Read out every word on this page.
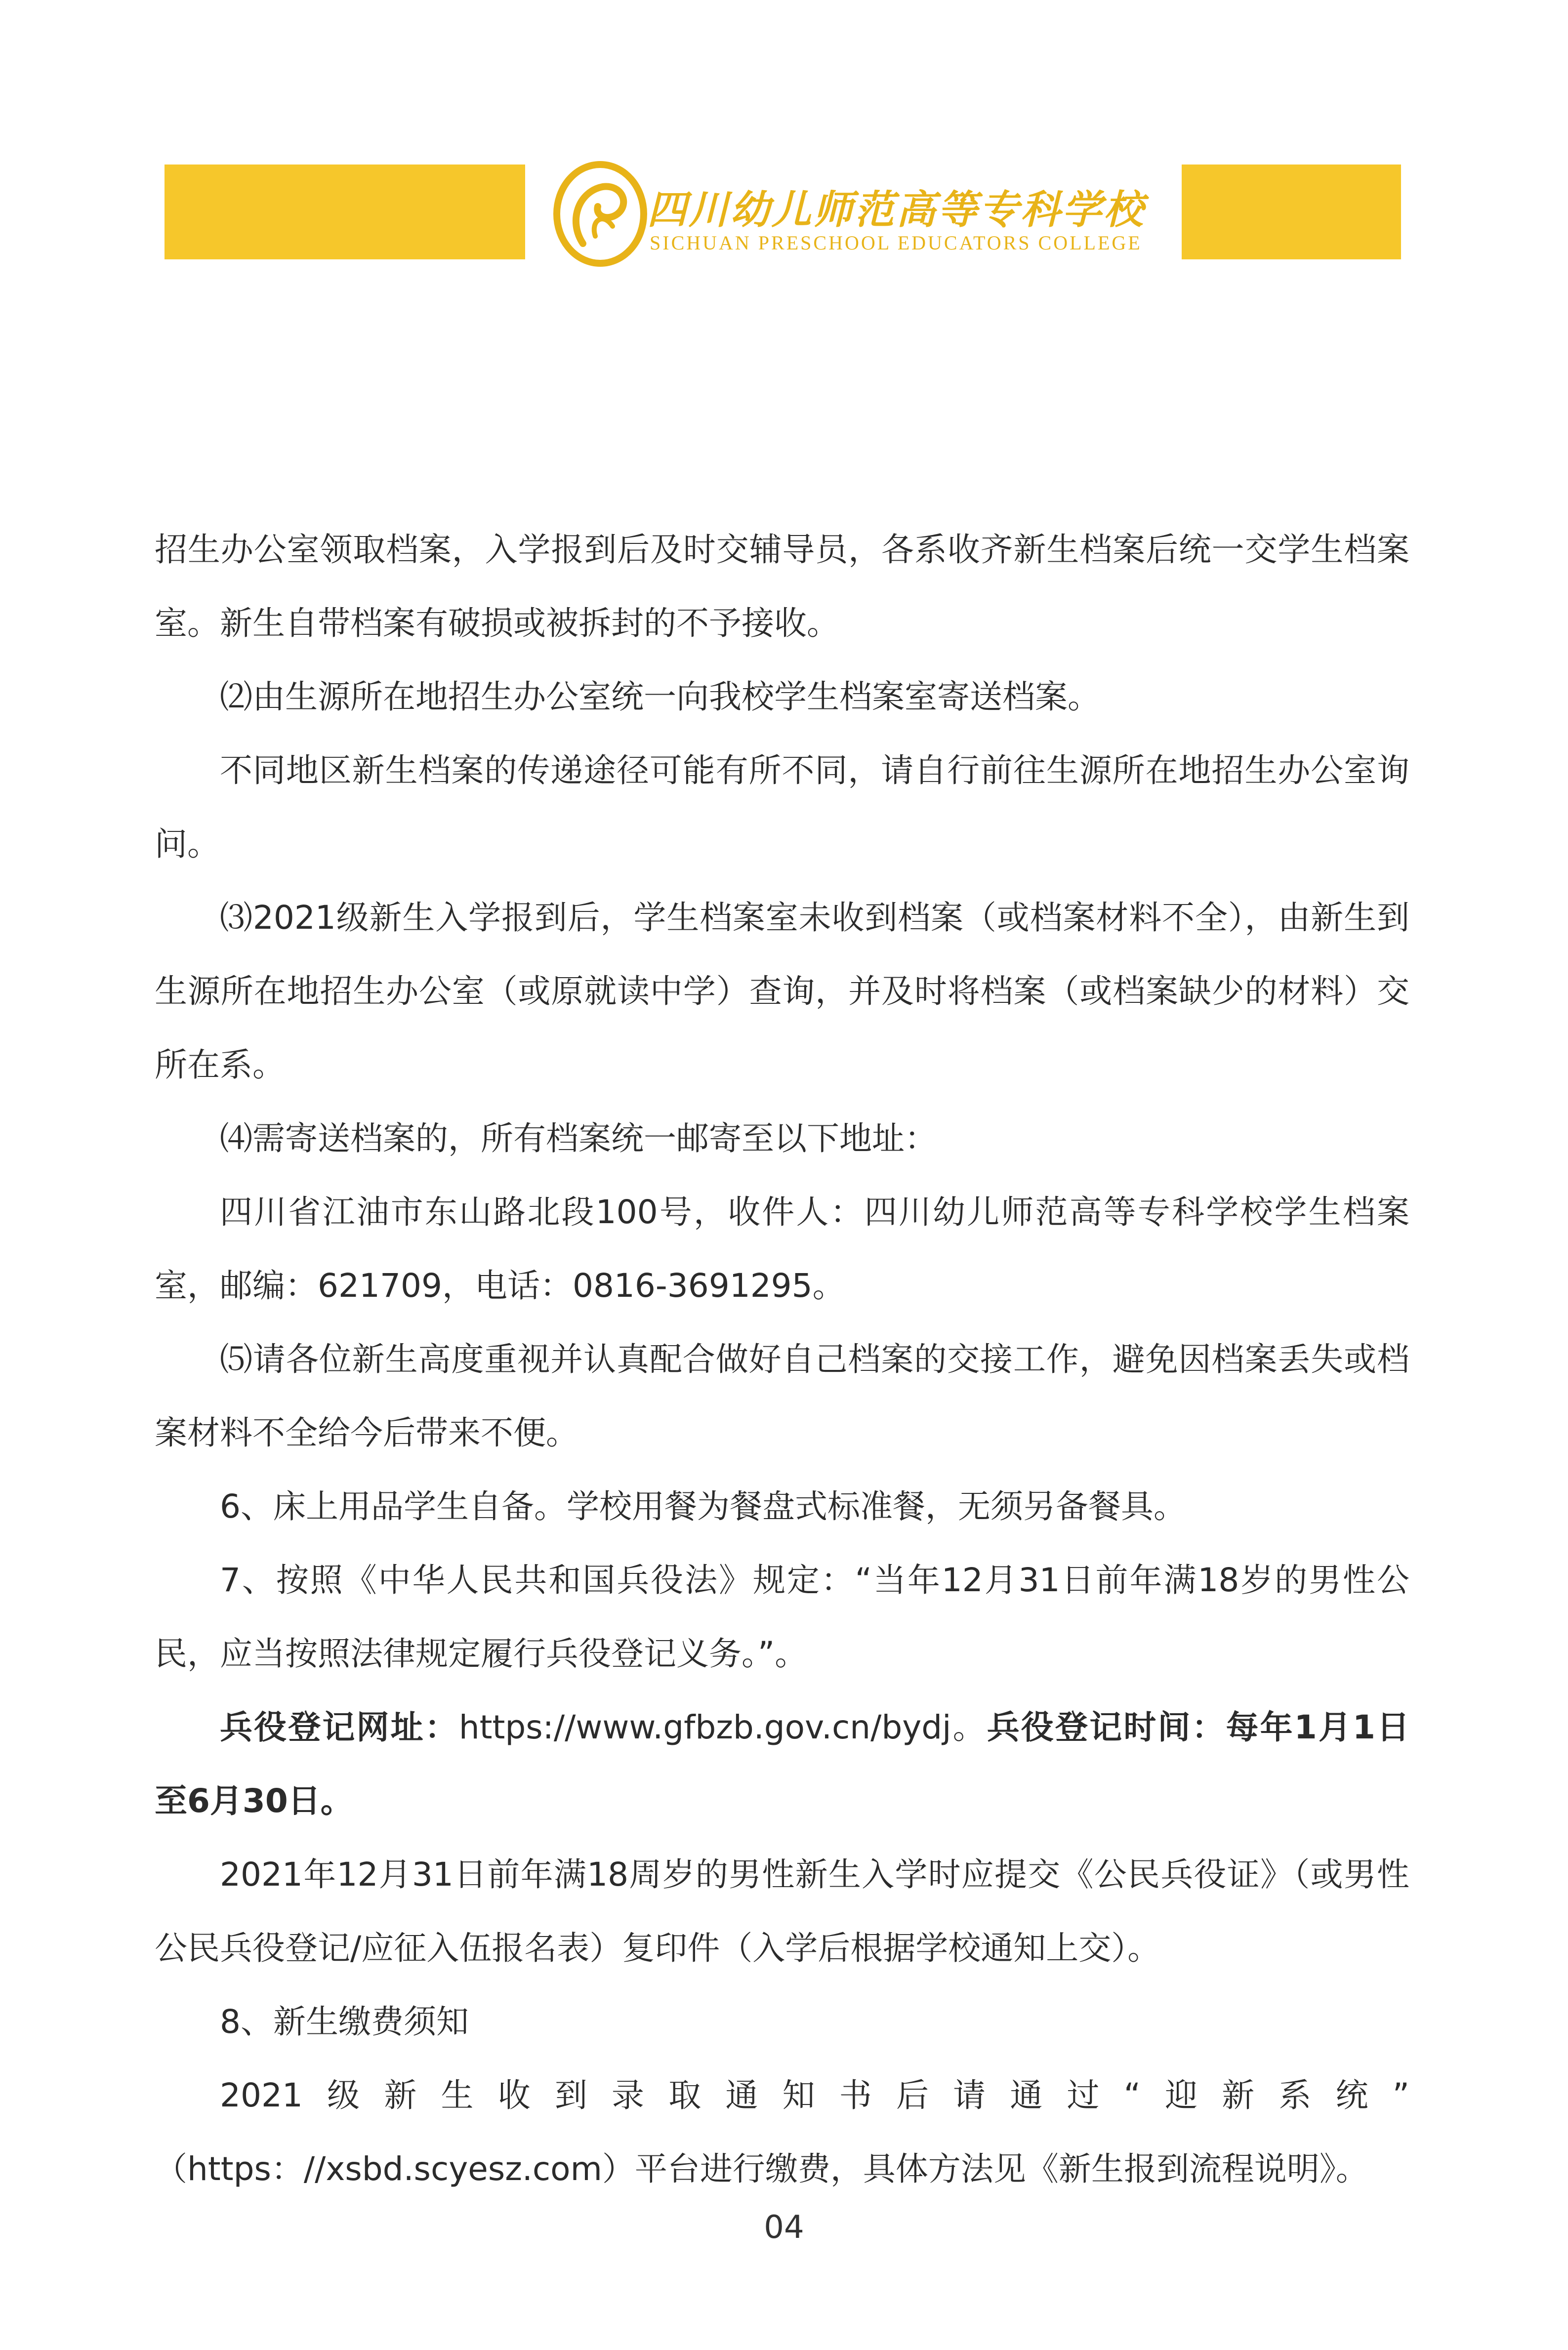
四川幼儿师范高等专科学校
SICHUAN PRESCHOOL EDUCATORS COLLEGE

招生办公室领取档案，入学报到后及时交辅导员，各系收齐新生档案后统一交学生档案室。新生自带档案有破损或被拆封的不予接收。

⑵由生源所在地招生办公室统一向我校学生档案室寄送档案。

不同地区新生档案的传递途径可能有所不同，请自行前往生源所在地招生办公室询问。

⑶2021级新生入学报到后，学生档案室未收到档案（或档案材料不全），由新生到生源所在地招生办公室（或原就读中学）查询，并及时将档案（或档案缺少的材料）交所在系。

⑷需寄送档案的，所有档案统一邮寄至以下地址：

四川省江油市东山路北段100号，收件人：四川幼儿师范高等专科学校学生档案室，邮编：621709，电话：0816-3691295。

⑸请各位新生高度重视并认真配合做好自己档案的交接工作，避免因档案丢失或档案材料不全给今后带来不便。

6、床上用品学生自备。学校用餐为餐盘式标准餐，无须另备餐具。

7、按照《中华人民共和国兵役法》规定：“当年12月31日前年满18岁的男性公民，应当按照法律规定履行兵役登记义务。”。

兵役登记网址：https://www.gfbzb.gov.cn/bydj。兵役登记时间：每年1月1日至6月30日。

2021年12月31日前年满18周岁的男性新生入学时应提交《公民兵役证》（或男性公民兵役登记/应征入伍报名表）复印件（入学后根据学校通知上交）。

8、新生缴费须知

2021级新生收到录取通知书后请通过“迎新系统”

（https：//xsbd.scyesz.com）平台进行缴费，具体方法见《新生报到流程说明》。

04
